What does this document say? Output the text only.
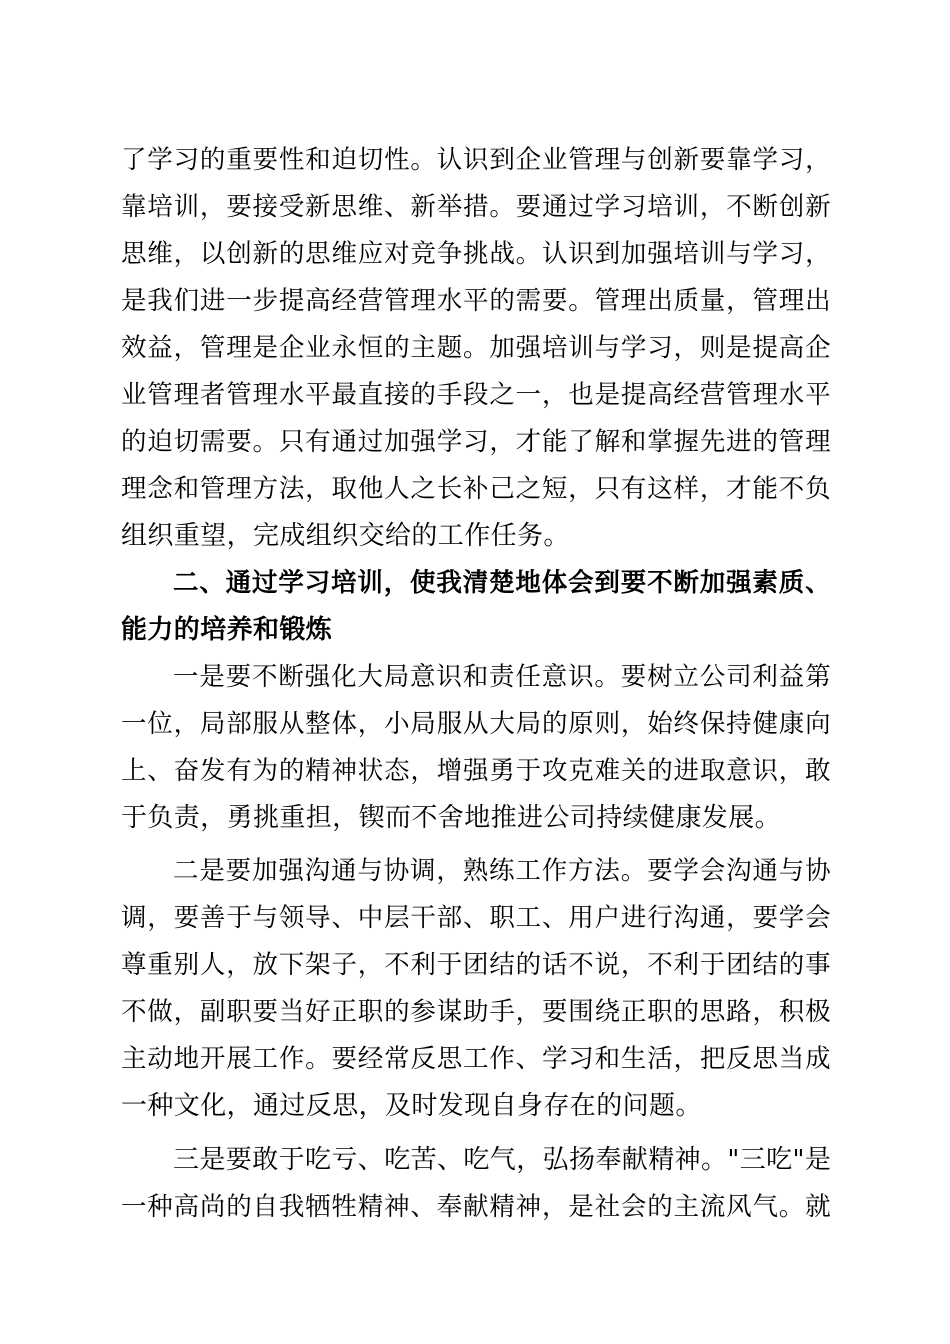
了学习的重要性和迫切性。认识到企业管理与创新要靠学习，
靠培训，要接受新思维、新举措。要通过学习培训，不断创新
思维，以创新的思维应对竞争挑战。认识到加强培训与学习，
是我们进一步提高经营管理水平的需要。管理出质量，管理出
效益，管理是企业永恒的主题。加强培训与学习，则是提高企
业管理者管理水平最直接的手段之一，也是提高经营管理水平
的迫切需要。只有通过加强学习，才能了解和掌握先进的管理
理念和管理方法，取他人之长补己之短，只有这样，才能不负
组织重望，完成组织交给的工作任务。
二、通过学习培训，使我清楚地体会到要不断加强素质、
能力的培养和锻炼
一是要不断强化大局意识和责任意识。要树立公司利益第
一位，局部服从整体，小局服从大局的原则，始终保持健康向
上、奋发有为的精神状态，增强勇于攻克难关的进取意识，敢
于负责，勇挑重担，锲而不舍地推进公司持续健康发展。
二是要加强沟通与协调，熟练工作方法。要学会沟通与协
调，要善于与领导、中层干部、职工、用户进行沟通，要学会
尊重别人，放下架子，不利于团结的话不说，不利于团结的事
不做，副职要当好正职的参谋助手，要围绕正职的思路，积极
主动地开展工作。要经常反思工作、学习和生活，把反思当成
一种文化，通过反思，及时发现自身存在的问题。
三是要敢于吃亏、吃苦、吃气，弘扬奉献精神。"三吃"是
一种高尚的自我牺牲精神、奉献精神，是社会的主流风气。就
